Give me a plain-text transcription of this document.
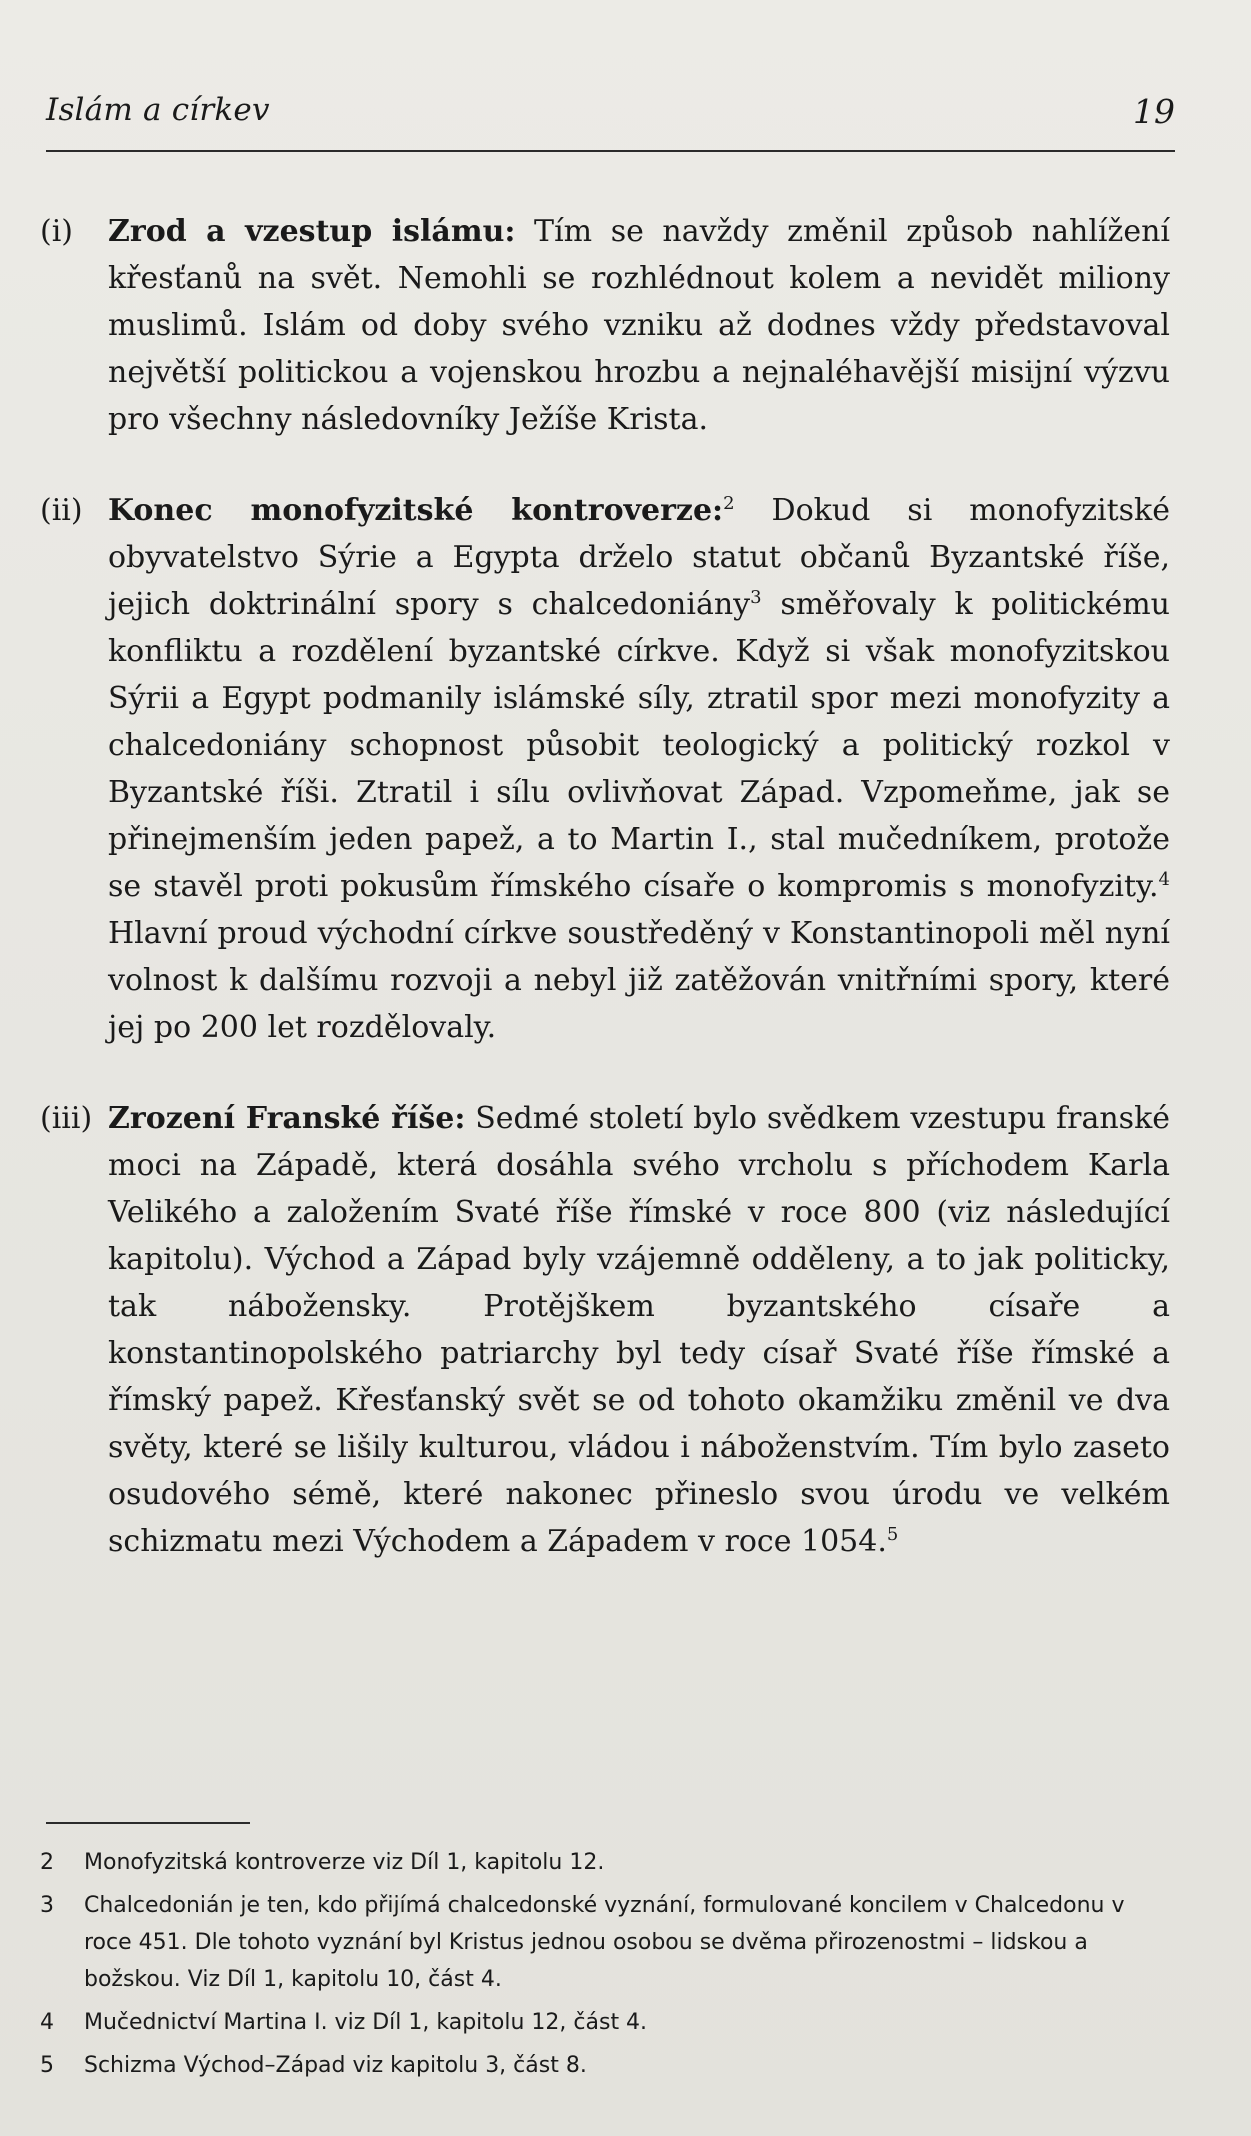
Islám a církev	19
(i)	Zrod a vzestup islámu: Tím se navždy změnil způsob nahlížení křesťanů na svět. Nemohli se rozhlédnout kolem a nevidět miliony muslimů. Islám od doby svého vzniku až dodnes vždy představoval největší politickou a vojenskou hrozbu a nejnaléhavější misijní výzvu pro všechny následovníky Ježíše Krista.
(ii) Konec monofyzitské kontroverze:$^2$ Dokud si monofyzitské obyvatelstvo Sýrie a Egypta drželo statut občanů Byzantské říše, jejich doktrinální spory s chalcedoniány$^3$ směřovaly k politickému konfliktu a rozdělení byzantské církve. Když si však monofyzitskou Sýrii a Egypt podmanily islámské síly, ztratil spor mezi monofyzity a chalcedoniány schopnost působit teologický a politický rozkol v Byzantské říši. Ztratil i sílu ovlivňovat Západ. Vzpomeňme, jak se přinejmenším jeden papež, a to Martin I., stal mučedníkem, protože se stavěl proti pokusům římského císaře o kompromis s monofyzity.$^4$ Hlavní proud východní církve soustředěný v Konstantinopoli měl nyní volnost k dalšímu rozvoji a nebyl již zatěžován vnitřními spory, které jej po 200 let rozdělovaly.
(iii) Zrození Franské říše: Sedmé století bylo svědkem vzestupu franské moci na Západě, která dosáhla svého vrcholu s příchodem Karla Velikého a založením Svaté říše římské v roce 800 (viz následující kapitolu). Východ a Západ byly vzájemně odděleny, a to jak politicky, tak nábožensky. Protějškem byzantského císaře a konstantinopolského patriarchy byl tedy císař Svaté říše římské a římský papež. Křesťanský svět se od tohoto okamžiku změnil ve dva světy, které se lišily kulturou, vládou i náboženstvím. Tím bylo zaseto osudového sémě, které nakonec přineslo svou úrodu ve velkém schizmatu mezi Východem a Západem v roce 1054.$^5$
2	Monofyzitská kontroverze viz Díl 1, kapitolu 12.
3	Chalcedonián je ten, kdo přijímá chalcedonské vyznání, formulované koncilem v Chalcedonu v roce 451. Dle tohoto vyznání byl Kristus jednou osobou se dvěma přirozenostmi – lidskou a božskou. Viz Díl 1, kapitolu 10, část 4.
4	Mučednictví Martina I. viz Díl 1, kapitolu 12, část 4.
5	Schizma Východ–Západ viz kapitolu 3, část 8.
